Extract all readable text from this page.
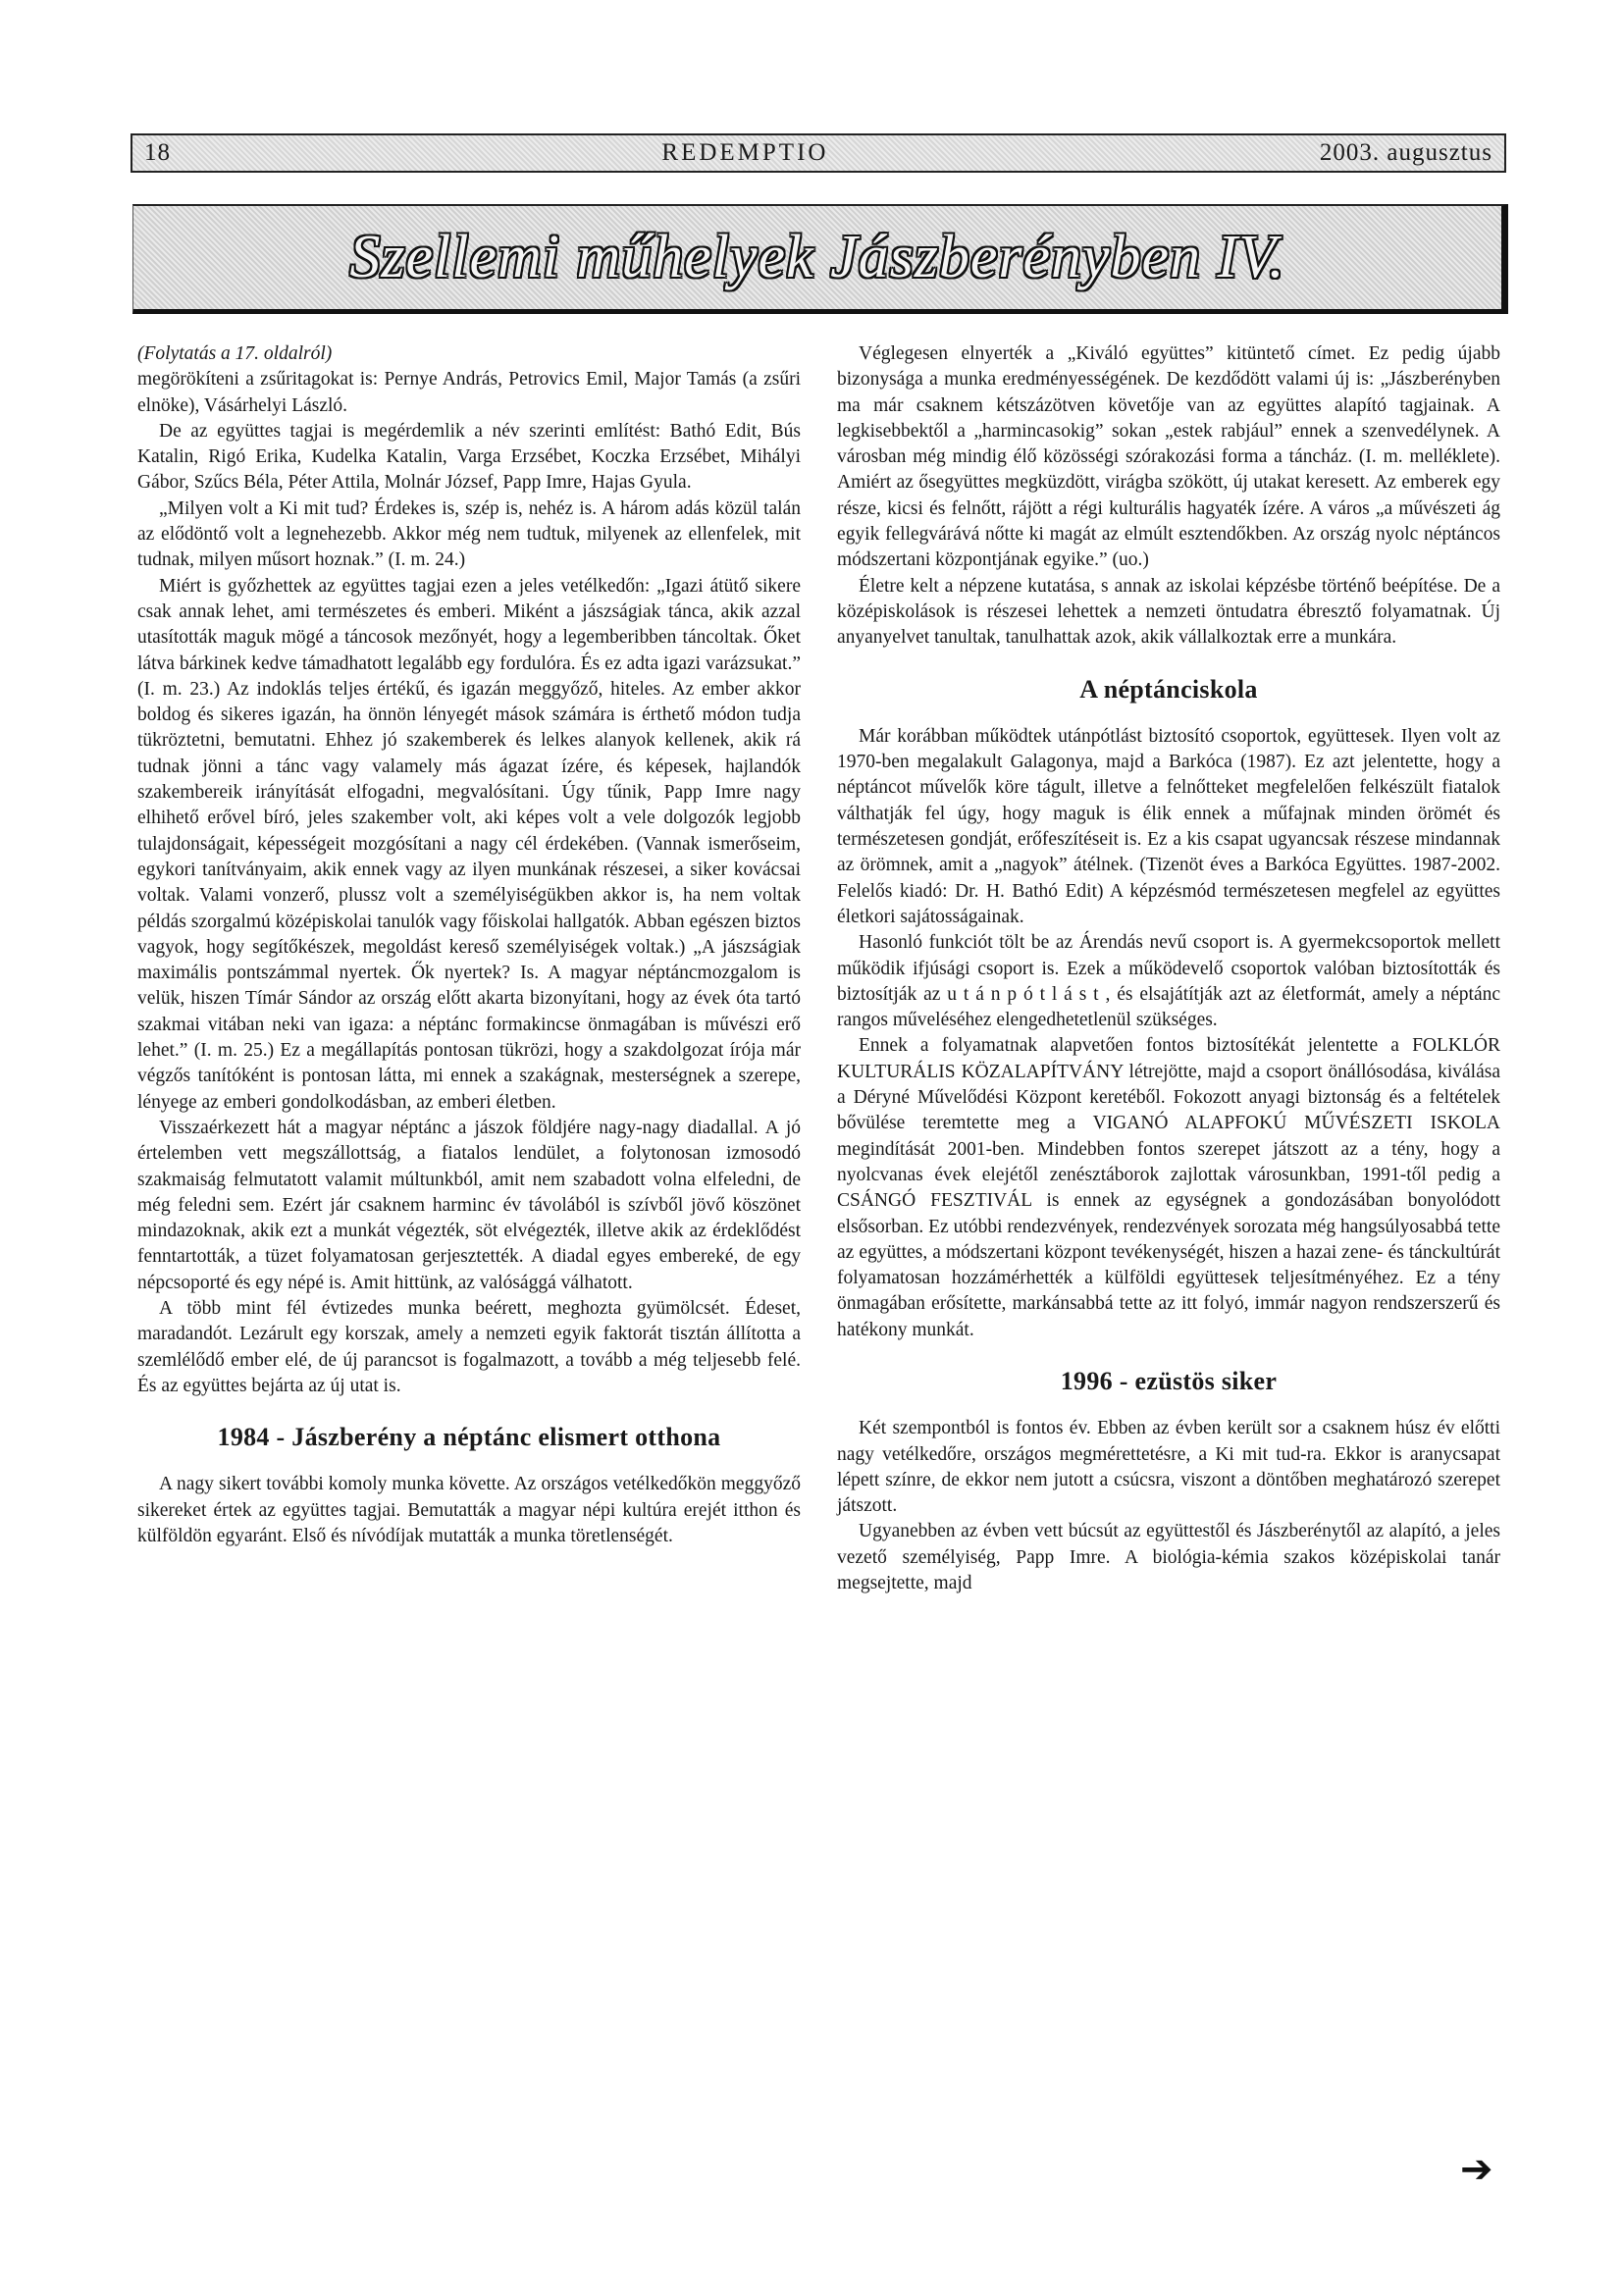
18	REDEMPTIO	2003. augusztus
Szellemi műhelyek Jászberényben IV.

(Folytatás a 17. oldalról)

megörökíteni a zsűritagokat is: Pernye András, Petrovics Emil, Major Tamás (a zsűri elnöke), Vásárhelyi László.

De az együttes tagjai is megérdemlik a név szerinti említést: Bathó Edit, Bús Katalin, Rigó Erika, Kudelka Katalin, Varga Erzsébet, Koczka Erzsébet, Mihályi Gábor, Szűcs Béla, Péter Attila, Molnár József, Papp Imre, Hajas Gyula.

„Milyen volt a Ki mit tud? Érdekes is, szép is, nehéz is. A három adás közül talán az elődöntő volt a legnehezebb. Akkor még nem tudtuk, milyenek az ellenfelek, mit tudnak, milyen műsort hoznak.” (I. m. 24.)

Miért is győzhettek az együttes tagjai ezen a jeles vetélkedőn: „Igazi átütő sikere csak annak lehet, ami természetes és emberi. Miként a jászságiak tánca, akik azzal utasították maguk mögé a táncosok mezőnyét, hogy a legemberibben táncoltak. Őket látva bárkinek kedve támadhatott legalább egy fordulóra. És ez adta igazi varázsukat.” (I. m. 23.) Az indoklás teljes értékű, és igazán meggyőző, hiteles. Az ember akkor boldog és sikeres igazán, ha önnön lényegét mások számára is érthető módon tudja tükröztetni, bemutatni. Ehhez jó szakemberek és lelkes alanyok kellenek, akik rá tudnak jönni a tánc vagy valamely más ágazat ízére, és képesek, hajlandók szakembereik irányítását elfogadni, megvalósítani. Úgy tűnik, Papp Imre nagy elhihető erővel bíró, jeles szakember volt, aki képes volt a vele dolgozók legjobb tulajdonságait, képességeit mozgósítani a nagy cél érdekében. (Vannak ismerőseim, egykori tanítványaim, akik ennek vagy az ilyen munkának részesei, a siker kovácsai voltak. Valami vonzerő, plussz volt a személyiségükben akkor is, ha nem voltak példás szorgalmú középiskolai tanulók vagy főiskolai hallgatók. Abban egészen biztos vagyok, hogy segítőkészek, megoldást kereső személyiségek voltak.) „A jászságiak maximális pontszámmal nyertek. Ők nyertek? Is. A magyar néptáncmozgalom is velük, hiszen Tímár Sándor az ország előtt akarta bizonyítani, hogy az évek óta tartó szakmai vitában neki van igaza: a néptánc formakincse önmagában is művészi erő lehet.” (I. m. 25.) Ez a megállapítás pontosan tükrözi, hogy a szakdolgozat írója már végzős tanítóként is pontosan látta, mi ennek a szakágnak, mesterségnek a szerepe, lényege az emberi gondolkodásban, az emberi életben.

Visszaérkezett hát a magyar néptánc a jászok földjére nagy-nagy diadallal. A jó értelemben vett megszállottság, a fiatalos lendület, a folytonosan izmosodó szakmaiság felmutatott valamit múltunkból, amit nem szabadott volna elfeledni, de még feledni sem. Ezért jár csaknem harminc év távolából is szívből jövő köszönet mindazoknak, akik ezt a munkát végezték, söt elvégezték, illetve akik az érdeklődést fenntartották, a tüzet folyamatosan gerjesztették. A diadal egyes embereké, de egy népcsoporté és egy népé is. Amit hittünk, az valósággá válhatott.

A több mint fél évtizedes munka beérett, meghozta gyümölcsét. Édeset, maradandót. Lezárult egy korszak, amely a nemzeti egyik faktorát tisztán állította a szemlélődő ember elé, de új parancsot is fogalmazott, a tovább a még teljesebb felé. És az együttes bejárta az új utat is.

1984 - Jászberény a néptánc elismert otthona

A nagy sikert további komoly munka követte. Az országos vetélkedőkön meggyőző sikereket értek az együttes tagjai. Bemutatták a magyar népi kultúra erejét itthon és külföldön egyaránt. Első és nívódíjak mutatták a munka töretlenségét.

Véglegesen elnyerték a „Kiváló együttes” kitüntető címet. Ez pedig újabb bizonysága a munka eredményességének. De kezdődött valami új is: „Jászberényben ma már csaknem kétszázötven követője van az együttes alapító tagjainak. A legkisebbektől a „harmincasokig” sokan „estek rabjául” ennek a szenvedélynek. A városban még mindig élő közösségi szórakozási forma a táncház. (I. m. melléklete). Amiért az ősegyüttes megküzdött, virágba szökött, új utakat keresett. Az emberek egy része, kicsi és felnőtt, rájött a régi kulturális hagyaték ízére. A város „a művészeti ág egyik fellegvárává nőtte ki magát az elmúlt esztendőkben. Az ország nyolc néptáncos módszertani központjának egyike.” (uo.)

Életre kelt a népzene kutatása, s annak az iskolai képzésbe történő beépítése. De a középiskolások is részesei lehettek a nemzeti öntudatra ébresztő folyamatnak. Új anyanyelvet tanultak, tanulhattak azok, akik vállalkoztak erre a munkára.

A néptánciskola

Már korábban működtek utánpótlást biztosító csoportok, együttesek. Ilyen volt az 1970-ben megalakult Galagonya, majd a Barkóca (1987). Ez azt jelentette, hogy a néptáncot művelők köre tágult, illetve a felnőtteket megfelelően felkészült fiatalok válthatják fel úgy, hogy maguk is élik ennek a műfajnak minden örömét és természetesen gondját, erőfeszítéseit is. Ez a kis csapat ugyancsak részese mindannak az örömnek, amit a „nagyok” átélnek. (Tizenöt éves a Barkóca Együttes. 1987-2002. Felelős kiadó: Dr. H. Bathó Edit) A képzésmód természetesen megfelel az együttes életkori sajátosságainak.

Hasonló funkciót tölt be az Árendás nevű csoport is. A gyermekcsoportok mellett működik ifjúsági csoport is. Ezek a működevelő csoportok valóban biztosították és biztosítják az u t á n p ó t l á s t , és elsajátítják azt az életformát, amely a néptánc rangos műveléséhez elengedhetetlenül szükséges.

Ennek a folyamatnak alapvetően fontos biztosítékát jelentette a FOLKLÓR KULTURÁLIS KÖZALAPÍTVÁNY létrejötte, majd a csoport önállósodása, kiválása a Déryné Művelődési Központ keretéből. Fokozott anyagi biztonság és a feltételek bővülése teremtette meg a VIGANÓ ALAPFOKÚ MŰVÉSZETI ISKOLA megindítását 2001-ben. Mindebben fontos szerepet játszott az a tény, hogy a nyolcvanas évek elejétől zenésztáborok zajlottak városunkban, 1991-től pedig a CSÁNGÓ FESZTIVÁL is ennek az egységnek a gondozásában bonyolódott elsősorban. Ez utóbbi rendezvények, rendezvények sorozata még hangsúlyosabbá tette az együttes, a módszertani központ tevékenységét, hiszen a hazai zene- és tánckultúrát folyamatosan hozzámérhették a külföldi együttesek teljesítményéhez. Ez a tény önmagában erősítette, markánsabbá tette az itt folyó, immár nagyon rendszerszerű és hatékony munkát.

1996 - ezüstös siker

Két szempontból is fontos év. Ebben az évben került sor a csaknem húsz év előtti nagy vetélkedőre, országos megmérettetésre, a Ki mit tud-ra. Ekkor is aranycsapat lépett színre, de ekkor nem jutott a csúcsra, viszont a döntőben meghatározó szerepet játszott.

Ugyanebben az évben vett búcsút az együttestől és Jászberénytől az alapító, a jeles vezető személyiség, Papp Imre. A biológia-kémia szakos középiskolai tanár megsejtette, majd

➔
